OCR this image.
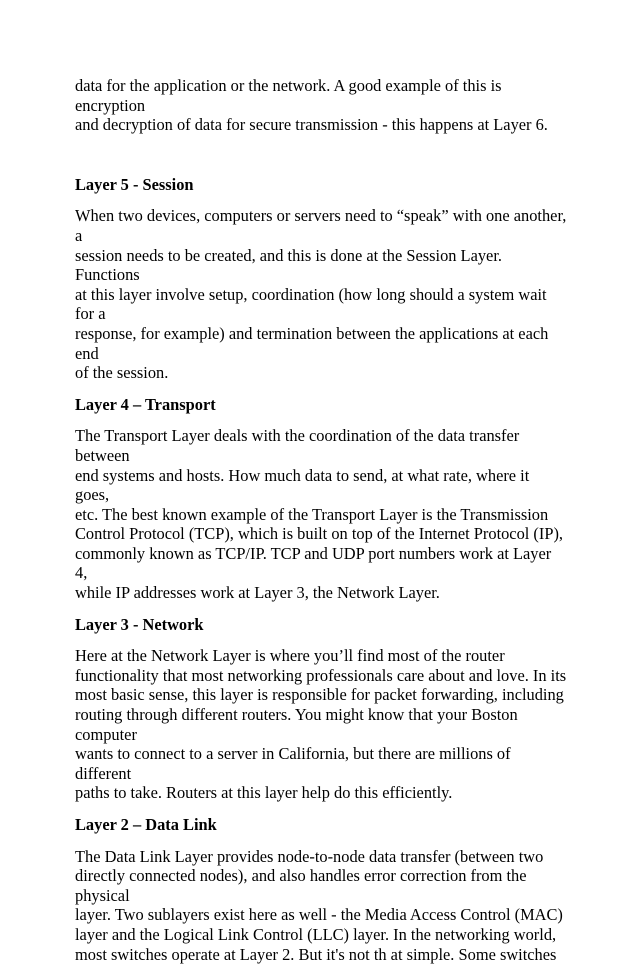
data for the application or the network. A good example of this is encryption
and decryption of data for secure transmission - this happens at Layer 6.

Layer 5 - Session

When two devices, computers or servers need to “speak” with one another, a
session needs to be created, and this is done at the Session Layer. Functions
at this layer involve setup, coordination (how long should a system wait for a
response, for example) and termination between the applications at each end
of the session.

Layer 4 – Transport

The Transport Layer deals with the coordination of the data transfer between
end systems and hosts. How much data to send, at what rate, where it goes,
etc. The best known example of the Transport Layer is the Transmission
Control Protocol (TCP), which is built on top of the Internet Protocol (IP),
commonly known as TCP/IP. TCP and UDP port numbers work at Layer 4,
while IP addresses work at Layer 3, the Network Layer.

Layer 3 - Network

Here at the Network Layer is where you’ll find most of the router
functionality that most networking professionals care about and love. In its
most basic sense, this layer is responsible for packet forwarding, including
routing through different routers. You might know that your Boston computer
wants to connect to a server in California, but there are millions of different
paths to take. Routers at this layer help do this efficiently.

Layer 2 – Data Link

The Data Link Layer provides node-to-node data transfer (between two
directly connected nodes), and also handles error correction from the physical
layer. Two sublayers exist here as well - the Media Access Control (MAC)
layer and the Logical Link Control (LLC) layer. In the networking world,
most switches operate at Layer 2. But it's not th at simple. Some switches
